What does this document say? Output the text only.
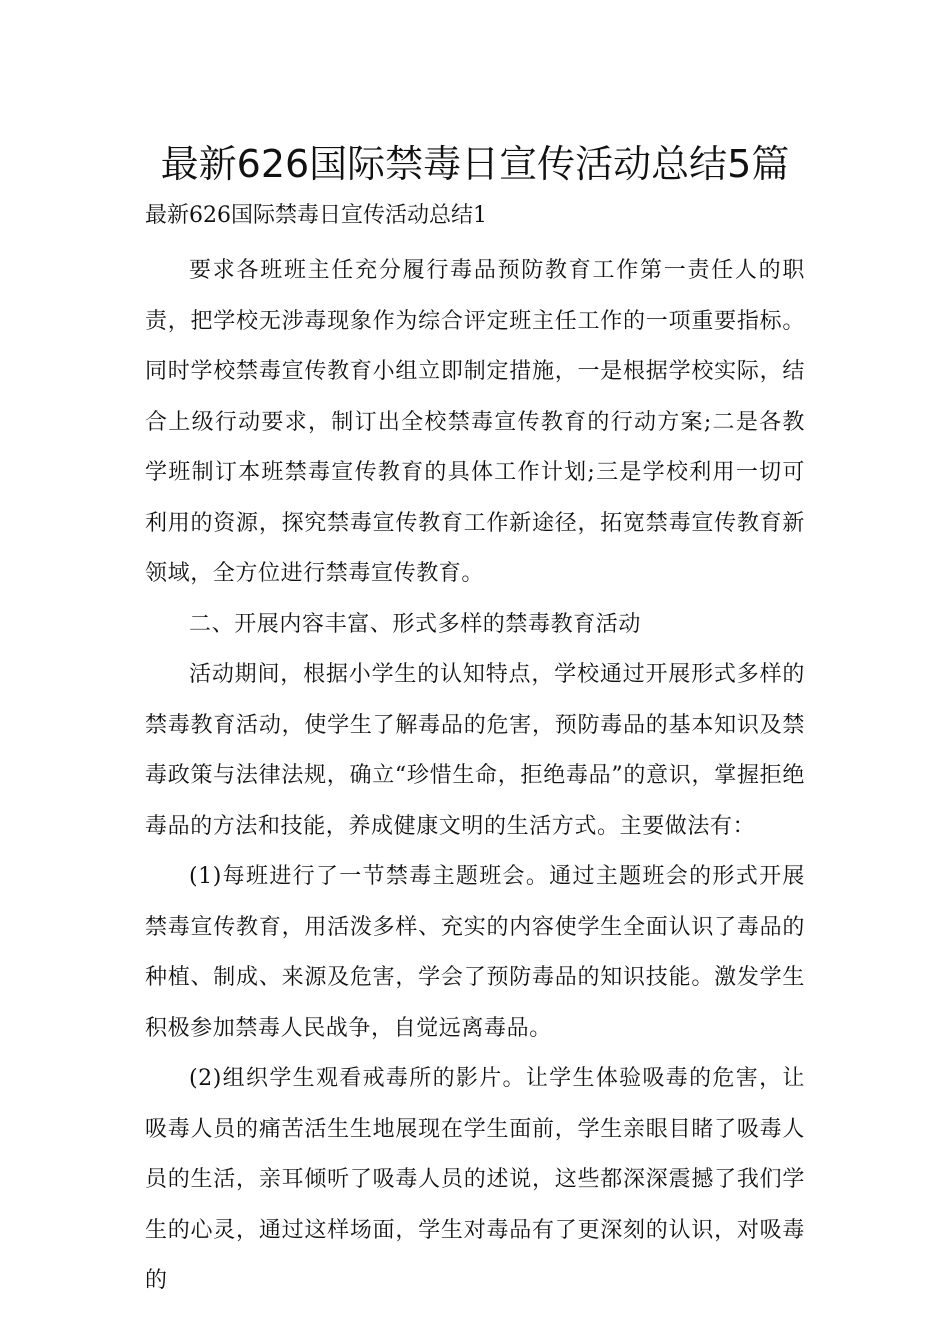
最新626国际禁毒日宣传活动总结5篇
最新626国际禁毒日宣传活动总结1

要求各班班主任充分履行毒品预防教育工作第一责任人的职责，把学校无涉毒现象作为综合评定班主任工作的一项重要指标。同时学校禁毒宣传教育小组立即制定措施，一是根据学校实际，结合上级行动要求，制订出全校禁毒宣传教育的行动方案;二是各教学班制订本班禁毒宣传教育的具体工作计划;三是学校利用一切可利用的资源，探究禁毒宣传教育工作新途径，拓宽禁毒宣传教育新领域，全方位进行禁毒宣传教育。

二、开展内容丰富、形式多样的禁毒教育活动

活动期间，根据小学生的认知特点，学校通过开展形式多样的禁毒教育活动，使学生了解毒品的危害，预防毒品的基本知识及禁毒政策与法律法规，确立“珍惜生命，拒绝毒品”的意识，掌握拒绝毒品的方法和技能，养成健康文明的生活方式。主要做法有：

(1)每班进行了一节禁毒主题班会。通过主题班会的形式开展禁毒宣传教育，用活泼多样、充实的内容使学生全面认识了毒品的种植、制成、来源及危害，学会了预防毒品的知识技能。激发学生积极参加禁毒人民战争，自觉远离毒品。

(2)组织学生观看戒毒所的影片。让学生体验吸毒的危害，让吸毒人员的痛苦活生生地展现在学生面前，学生亲眼目睹了吸毒人员的生活，亲耳倾听了吸毒人员的述说，这些都深深震撼了我们学生的心灵，通过这样场面，学生对毒品有了更深刻的认识，对吸毒的
